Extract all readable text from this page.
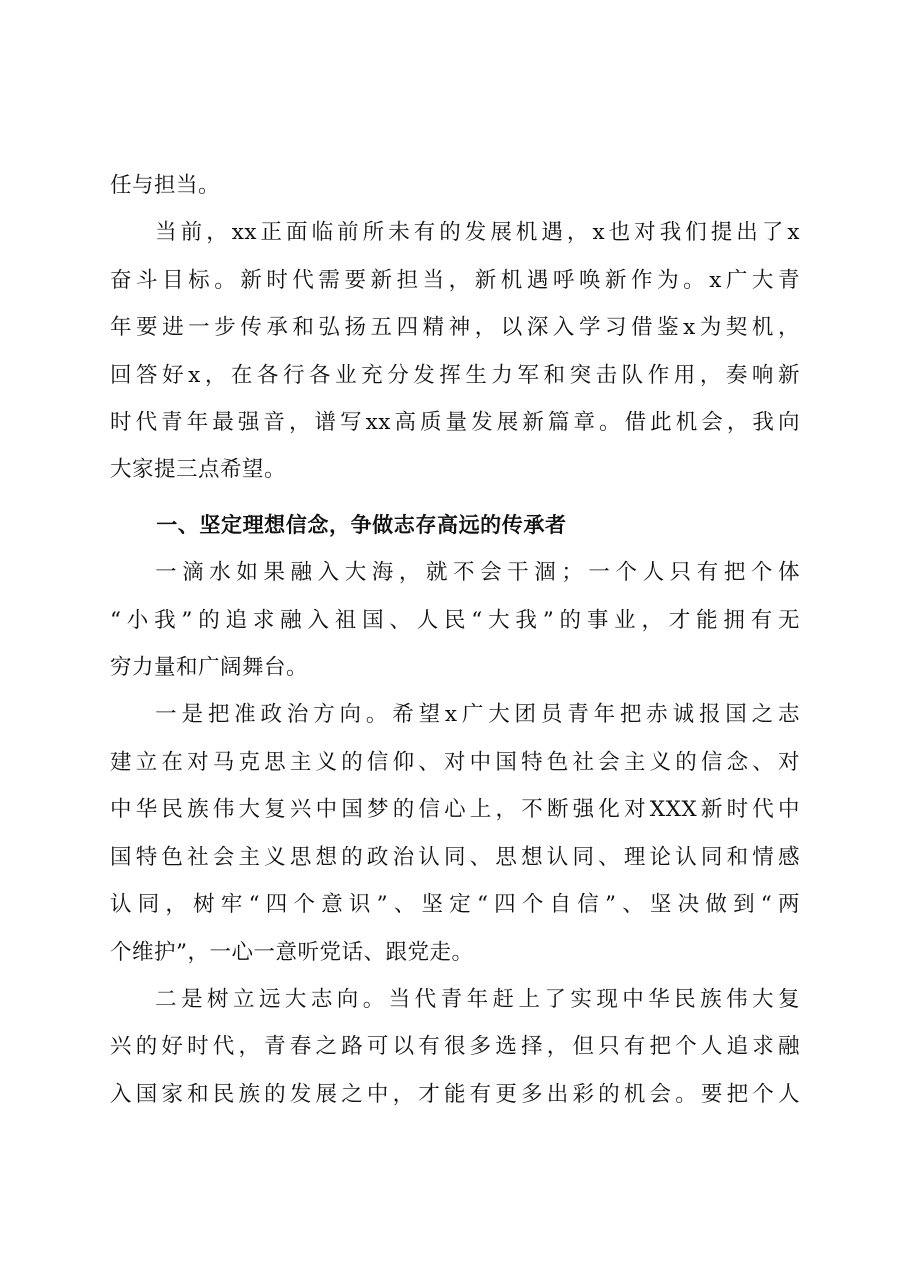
任与担当。

当前，xx正面临前所未有的发展机遇，x也对我们提出了x
奋斗目标。新时代需要新担当，新机遇呼唤新作为。x广大青
年要进一步传承和弘扬五四精神，以深入学习借鉴x为契机，
回答好x，在各行各业充分发挥生力军和突击队作用，奏响新
时代青年最强音，谱写xx高质量发展新篇章。借此机会，我向
大家提三点希望。

一、坚定理想信念，争做志存高远的传承者

一滴水如果融入大海，就不会干涸；一个人只有把个体
“小我”的追求融入祖国、人民“大我”的事业，才能拥有无
穷力量和广阔舞台。

一是把准政治方向。希望x广大团员青年把赤诚报国之志
建立在对马克思主义的信仰、对中国特色社会主义的信念、对
中华民族伟大复兴中国梦的信心上，不断强化对XXX新时代中
国特色社会主义思想的政治认同、思想认同、理论认同和情感
认同，树牢“四个意识”、坚定“四个自信”、坚决做到“两
个维护”，一心一意听党话、跟党走。

二是树立远大志向。当代青年赶上了实现中华民族伟大复
兴的好时代，青春之路可以有很多选择，但只有把个人追求融
入国家和民族的发展之中，才能有更多出彩的机会。要把个人
